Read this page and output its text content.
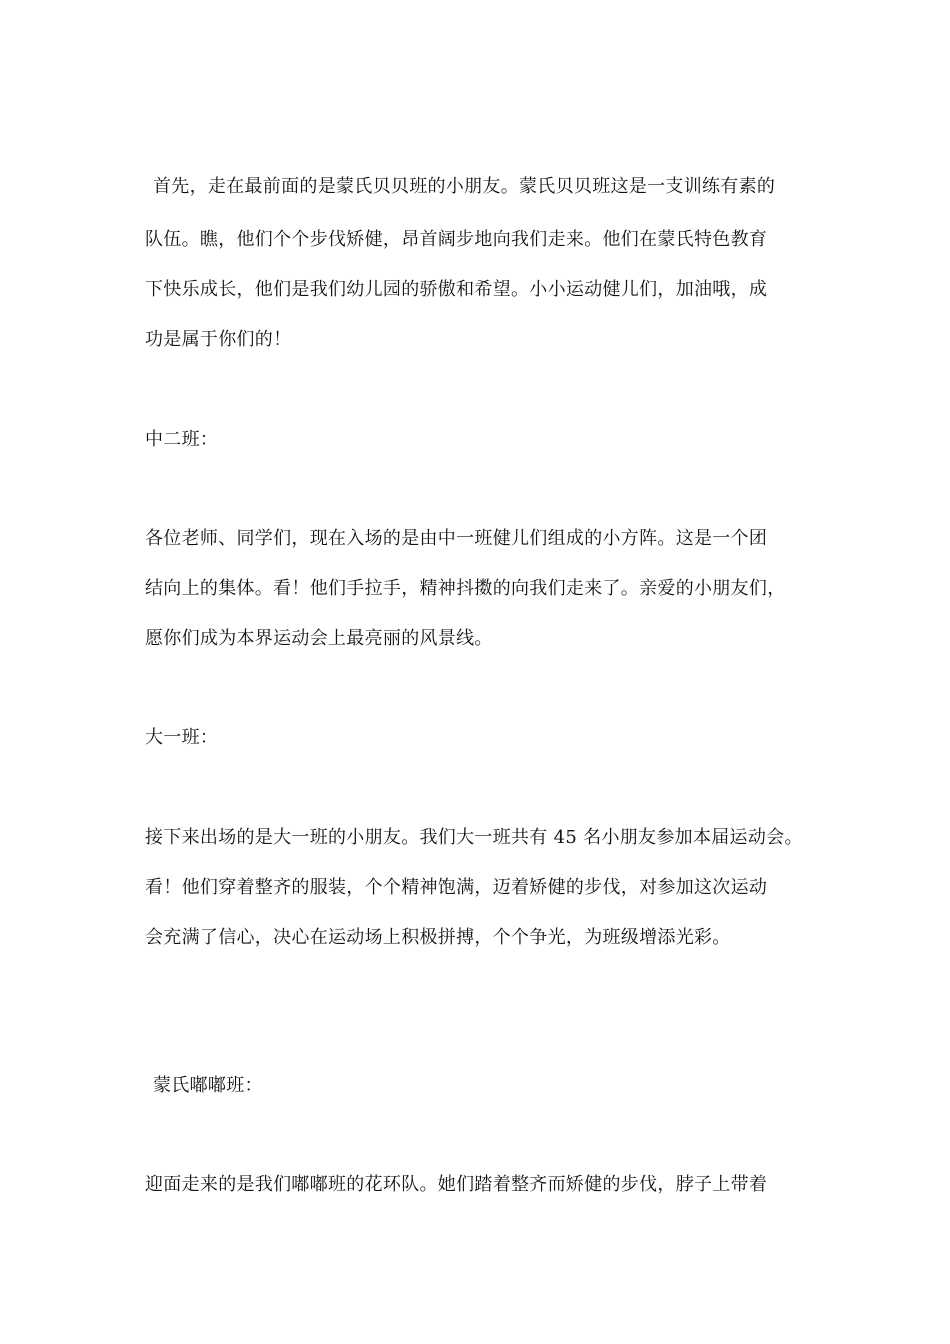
首先，走在最前面的是蒙氏贝贝班的小朋友。蒙氏贝贝班这是一支训练有素的
队伍。瞧，他们个个步伐矫健，昂首阔步地向我们走来。他们在蒙氏特色教育
下快乐成长，他们是我们幼儿园的骄傲和希望。小小运动健儿们，加油哦，成
功是属于你们的！
中二班：
各位老师、同学们，现在入场的是由中一班健儿们组成的小方阵。这是一个团
结向上的集体。看！他们手拉手，精神抖擞的向我们走来了。亲爱的小朋友们，
愿你们成为本界运动会上最亮丽的风景线。
大一班：
接下来出场的是大一班的小朋友。我们大一班共有 45 名小朋友参加本届运动会。
看！他们穿着整齐的服装，个个精神饱满，迈着矫健的步伐，对参加这次运动
会充满了信心，决心在运动场上积极拼搏，个个争光，为班级增添光彩。
蒙氏嘟嘟班：
迎面走来的是我们嘟嘟班的花环队。她们踏着整齐而矫健的步伐，脖子上带着
